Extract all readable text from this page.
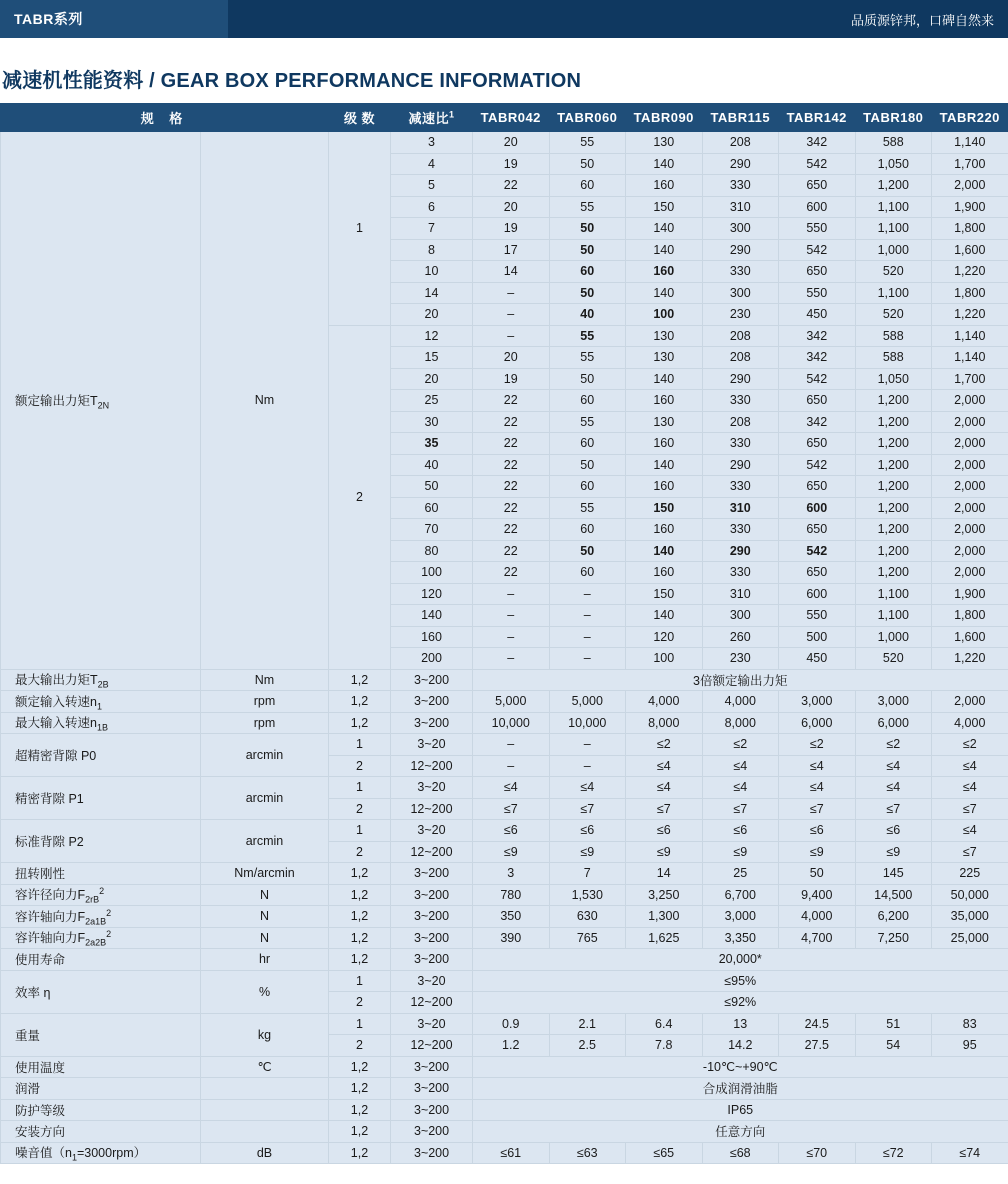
TABR系列	品质源锌邦，口碑自然来
减速机性能资料 / GEAR BOX PERFORMANCE INFORMATION
规 格		级 数	减速比$^1$	TABR042	TABR060	TABR090	TABR115	TABR142	TABR180	TABR220
额定输出力矩$T_{2N}$	Nm	1	3	20	55	130	208	342	588	1,140
			4	19	50	140	290	542	1,050	1,700
			5	22	60	160	330	650	1,200	2,000
			6	20	55	150	310	600	1,100	1,900
			7	19	50	140	300	550	1,100	1,800
			8	17	50	140	290	542	1,000	1,600
			10	14	60	160	330	650	520	1,220
			14	–	50	140	300	550	1,100	1,800
			20	–	40	100	230	450	520	1,220
		2	12	–	55	130	208	342	588	1,140
			15	20	55	130	208	342	588	1,140
			20	19	50	140	290	542	1,050	1,700
			25	22	60	160	330	650	1,200	2,000
			30	22	55	130	208	342	1,200	2,000
			35	22	60	160	330	650	1,200	2,000
			40	22	50	140	290	542	1,200	2,000
			50	22	60	160	330	650	1,200	2,000
			60	22	55	150	310	600	1,200	2,000
			70	22	60	160	330	650	1,200	2,000
			80	22	50	140	290	542	1,200	2,000
			100	22	60	160	330	650	1,200	2,000
			120	–	–	150	310	600	1,100	1,900
			140	–	–	140	300	550	1,100	1,800
			160	–	–	120	260	500	1,000	1,600
			200	–	–	100	230	450	520	1,220
最大输出力矩$T_{2B}$	Nm	1,2	3~200	3倍额定输出力矩						
额定输入转速$n_1$	rpm	1,2	3~200	5,000	5,000	4,000	4,000	3,000	3,000	2,000
最大输入转速$n_{1B}$	rpm	1,2	3~200	10,000	10,000	8,000	8,000	6,000	6,000	4,000
超精密背隙 P0	arcmin	1	3~20	–	–	≤2	≤2	≤2	≤2	≤2
		2	12~200	–	–	≤4	≤4	≤4	≤4	≤4
精密背隙 P1	arcmin	1	3~20	≤4	≤4	≤4	≤4	≤4	≤4	≤4
		2	12~200	≤7	≤7	≤7	≤7	≤7	≤7	≤7
标准背隙 P2	arcmin	1	3~20	≤6	≤6	≤6	≤6	≤6	≤6	≤4
		2	12~200	≤9	≤9	≤9	≤9	≤9	≤9	≤7
扭转刚性	Nm/arcmin	1,2	3~200	3	7	14	25	50	145	225
容许径向力$F_{2rB}^2$	N	1,2	3~200	780	1,530	3,250	6,700	9,400	14,500	50,000
容许轴向力$F_{2a1B}^2$	N	1,2	3~200	350	630	1,300	3,000	4,000	6,200	35,000
容许轴向力$F_{2a2B}^2$	N	1,2	3~200	390	765	1,625	3,350	4,700	7,250	25,000
使用寿命	hr	1,2	3~200	20,000*						
效率 η	%	1	3~20	≤95%						
		2	12~200	≤92%						
重量	kg	1	3~20	0.9	2.1	6.4	13	24.5	51	83
		2	12~200	1.2	2.5	7.8	14.2	27.5	54	95
使用温度	℃	1,2	3~200	-10℃~+90℃						
润滑		1,2	3~200	合成润滑油脂						
防护等级		1,2	3~200	IP65						
安装方向		1,2	3~200	任意方向						
噪音值$(n_1=3000rpm)$	dB	1,2	3~200	≤61	≤63	≤65	≤68	≤70	≤72	≤74
